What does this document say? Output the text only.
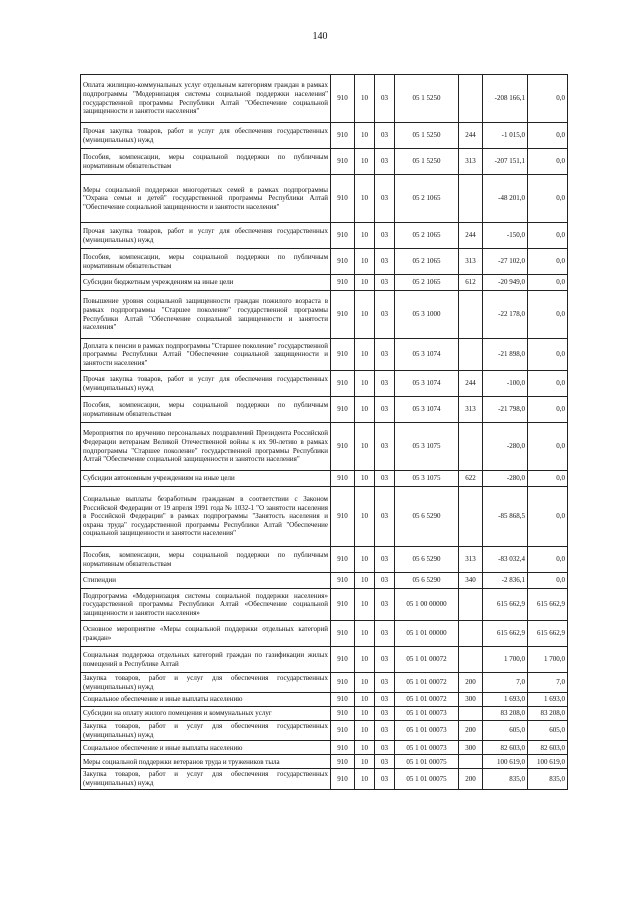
140
Оплата жилищно-коммунальных услуг отдельным категориям граждан в рамках подпрограммы "Модернизация системы социальной поддержки населения" государственной программы Республики Алтай "Обеспечение социальной защищенности и занятости населения"	910	10	03	05 1 5250		-208 166,1	0,0
Прочая закупка товаров, работ и услуг для обеспечения государственных (муниципальных) нужд	910	10	03	05 1 5250	244	-1 015,0	0,0
Пособия, компенсации, меры социальной поддержки по публичным нормативным обязательствам	910	10	03	05 1 5250	313	-207 151,1	0,0
Меры социальной поддержки многодетных семей в рамках подпрограммы "Охрана семьи и детей" государственной программы Республики Алтай "Обеспечение социальной защищенности и занятости населения"	910	10	03	05 2 1065		-48 201,0	0,0
Прочая закупка товаров, работ и услуг для обеспечения государственных (муниципальных) нужд	910	10	03	05 2 1065	244	-150,0	0,0
Пособия, компенсации, меры социальной поддержки по публичным нормативным обязательствам	910	10	03	05 2 1065	313	-27 102,0	0,0
Субсидии бюджетным учреждениям на иные цели	910	10	03	05 2 1065	612	-20 949,0	0,0
Повышение уровня социальной защищенности граждан пожилого возраста в рамках подпрограммы "Старшее поколение" государственной программы Республики Алтай "Обеспечение социальной защищенности и занятости населения"	910	10	03	05 3 1000		-22 178,0	0,0
Доплата к пенсии в рамках подпрограммы "Старшее поколение" государственной программы Республики Алтай "Обеспечение социальной защищенности и занятости населения"	910	10	03	05 3 1074		-21 898,0	0,0
Прочая закупка товаров, работ и услуг для обеспечения государственных (муниципальных) нужд	910	10	03	05 3 1074	244	-100,0	0,0
Пособия, компенсации, меры социальной поддержки по публичным нормативным обязательствам	910	10	03	05 3 1074	313	-21 798,0	0,0
Мероприятия по вручению персональных поздравлений Президента Российской Федерации ветеранам Великой Отечественной войны к их 90-летию в рамках подпрограммы "Старшее поколение" государственной программы Республики Алтай "Обеспечение социальной защищенности и занятости населения"	910	10	03	05 3 1075		-280,0	0,0
Субсидии автономным учреждениям на иные цели	910	10	03	05 3 1075	622	-280,0	0,0
Социальные выплаты безработным гражданам в соответствии с Законом Российской Федерации от 19 апреля 1991 года № 1032-1 "О занятости населения в Российской Федерации" в рамках подпрограммы "Занятость населения и охрана труда" государственной программы Республики Алтай "Обеспечение социальной защищенности и занятости населения"	910	10	03	05 6 5290		-85 868,5	0,0
Пособия, компенсации, меры социальной поддержки по публичным нормативным обязательствам	910	10	03	05 6 5290	313	-83 032,4	0,0
Стипендии	910	10	03	05 6 5290	340	-2 836,1	0,0
Подпрограмма «Модернизация системы социальной поддержки населения» государственной программы Республики Алтай «Обеспечение социальной защищенности и занятости населения»	910	10	03	05 1 00 00000		615 662,9	615 662,9
Основное мероприятие «Меры социальной поддержки отдельных категорий граждан»	910	10	03	05 1 01 00000		615 662,9	615 662,9
Социальная поддержка отдельных категорий граждан по газификации жилых помещений в Республике Алтай	910	10	03	05 1 01 00072		1 700,0	1 700,0
Закупка товаров, работ и услуг для обеспечения государственных (муниципальных) нужд	910	10	03	05 1 01 00072	200	7,0	7,0
Социальное обеспечение и иные выплаты населению	910	10	03	05 1 01 00072	300	1 693,0	1 693,0
Субсидии на оплату жилого помещения и коммунальных услуг	910	10	03	05 1 01 00073		83 208,0	83 208,0
Закупка товаров, работ и услуг для обеспечения государственных (муниципальных) нужд	910	10	03	05 1 01 00073	200	605,0	605,0
Социальное обеспечение и иные выплаты населению	910	10	03	05 1 01 00073	300	82 603,0	82 603,0
Меры социальной поддержки ветеранов труда и тружеников тыла	910	10	03	05 1 01 00075		100 619,0	100 619,0
Закупка товаров, работ и услуг для обеспечения государственных (муниципальных) нужд	910	10	03	05 1 01 00075	200	835,0	835,0
